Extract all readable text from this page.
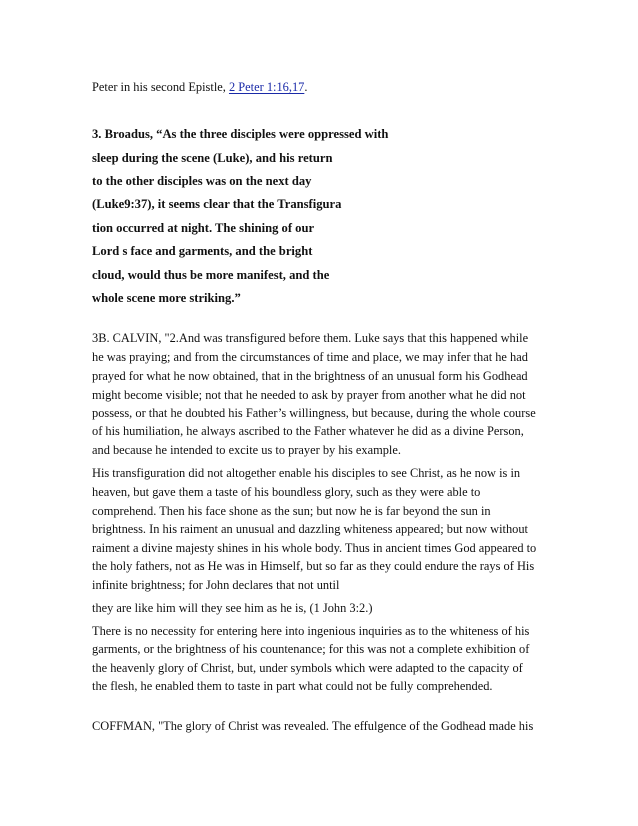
Peter in his second Epistle, 2 Peter 1:16,17.
3. Broadus, “As the three disciples were oppressed with
sleep during the scene (Luke), and his return
to the other disciples was on the next day
(Luke9:37), it seems clear that the Transfigura
tion occurred at night. The shining of our
Lord s face and garments, and the bright
cloud, would thus be more manifest, and the
whole scene more striking.”
3B. CALVIN, "2.And was transfigured before them. Luke says that this happened while
he was praying; and from the circumstances of time and place, we may infer that he had
prayed for what he now obtained, that in the brightness of an unusual form his Godhead
might become visible; not that he needed to ask by prayer from another what he did not
possess, or that he doubted his Father’s willingness, but because, during the whole course
of his humiliation, he always ascribed to the Father whatever he did as a divine Person,
and because he intended to excite us to prayer by his example.
His transfiguration did not altogether enable his disciples to see Christ, as he now is in
heaven, but gave them a taste of his boundless glory, such as they were able to
comprehend. Then his face shone as the sun; but now he is far beyond the sun in
brightness. In his raiment an unusual and dazzling whiteness appeared; but now without
raiment a divine majesty shines in his whole body. Thus in ancient times God appeared to
the holy fathers, not as He was in Himself, but so far as they could endure the rays of His
infinite brightness; for John declares that not until
they are like him will they see him as he is, (1 John 3:2.)
There is no necessity for entering here into ingenious inquiries as to the whiteness of his
garments, or the brightness of his countenance; for this was not a complete exhibition of
the heavenly glory of Christ, but, under symbols which were adapted to the capacity of
the flesh, he enabled them to taste in part what could not be fully comprehended.
COFFMAN, "The glory of Christ was revealed. The effulgence of the Godhead made his
